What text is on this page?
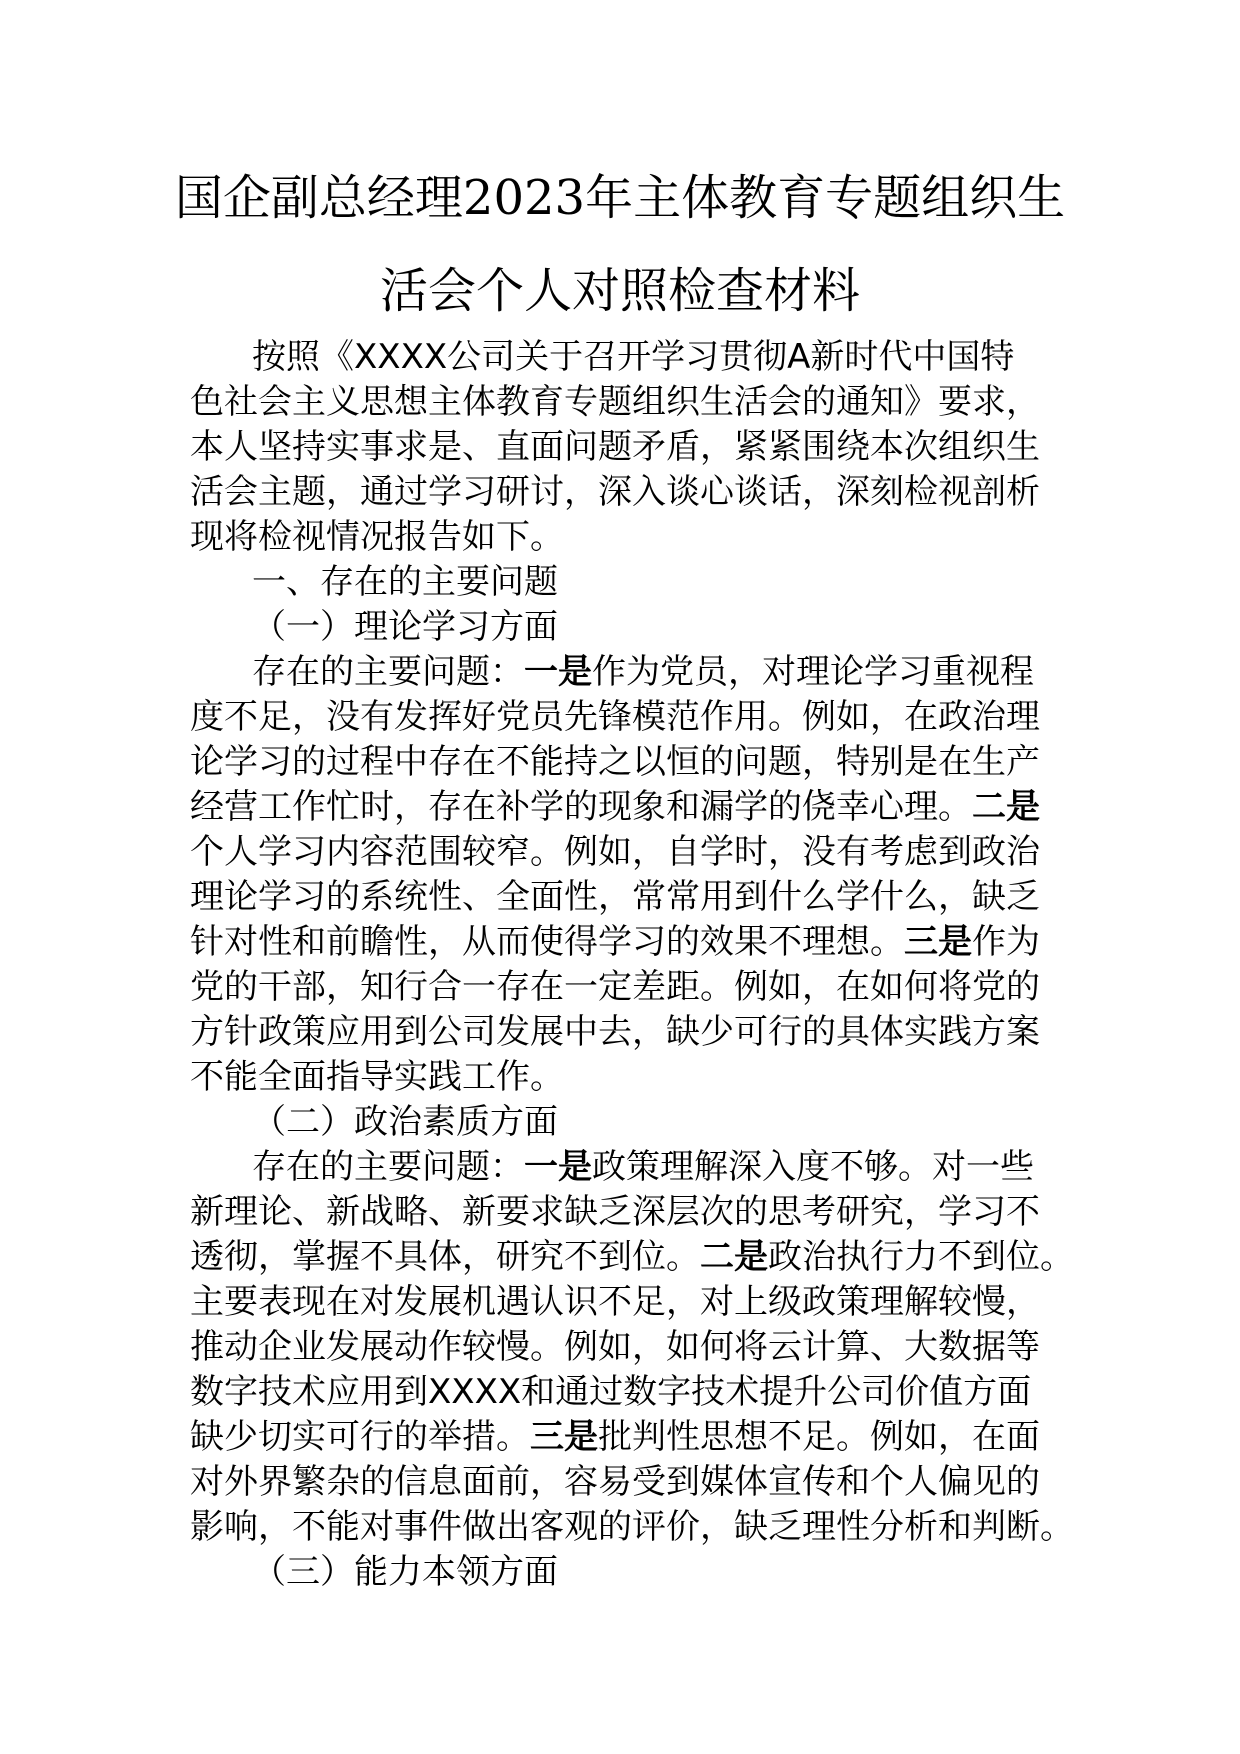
国企副总经理2023年主体教育专题组织生
活会个人对照检查材料
按照《XXXX公司关于召开学习贯彻A新时代中国特
色社会主义思想主体教育专题组织生活会的通知》要求，
本人坚持实事求是、直面问题矛盾，紧紧围绕本次组织生
活会主题，通过学习研讨，深入谈心谈话，深刻检视剖析
现将检视情况报告如下。
一、存在的主要问题
（一）理论学习方面
存在的主要问题：一是作为党员，对理论学习重视程
度不足，没有发挥好党员先锋模范作用。例如，在政治理
论学习的过程中存在不能持之以恒的问题，特别是在生产
经营工作忙时，存在补学的现象和漏学的侥幸心理。二是
个人学习内容范围较窄。例如，自学时，没有考虑到政治
理论学习的系统性、全面性，常常用到什么学什么，缺乏
针对性和前瞻性，从而使得学习的效果不理想。三是作为
党的干部，知行合一存在一定差距。例如，在如何将党的
方针政策应用到公司发展中去，缺少可行的具体实践方案
不能全面指导实践工作。
（二）政治素质方面
存在的主要问题：一是政策理解深入度不够。对一些
新理论、新战略、新要求缺乏深层次的思考研究，学习不
透彻，掌握不具体，研究不到位。二是政治执行力不到位。
主要表现在对发展机遇认识不足，对上级政策理解较慢，
推动企业发展动作较慢。例如，如何将云计算、大数据等
数字技术应用到XXXX和通过数字技术提升公司价值方面
缺少切实可行的举措。三是批判性思想不足。例如，在面
对外界繁杂的信息面前，容易受到媒体宣传和个人偏见的
影响，不能对事件做出客观的评价，缺乏理性分析和判断。
（三）能力本领方面
